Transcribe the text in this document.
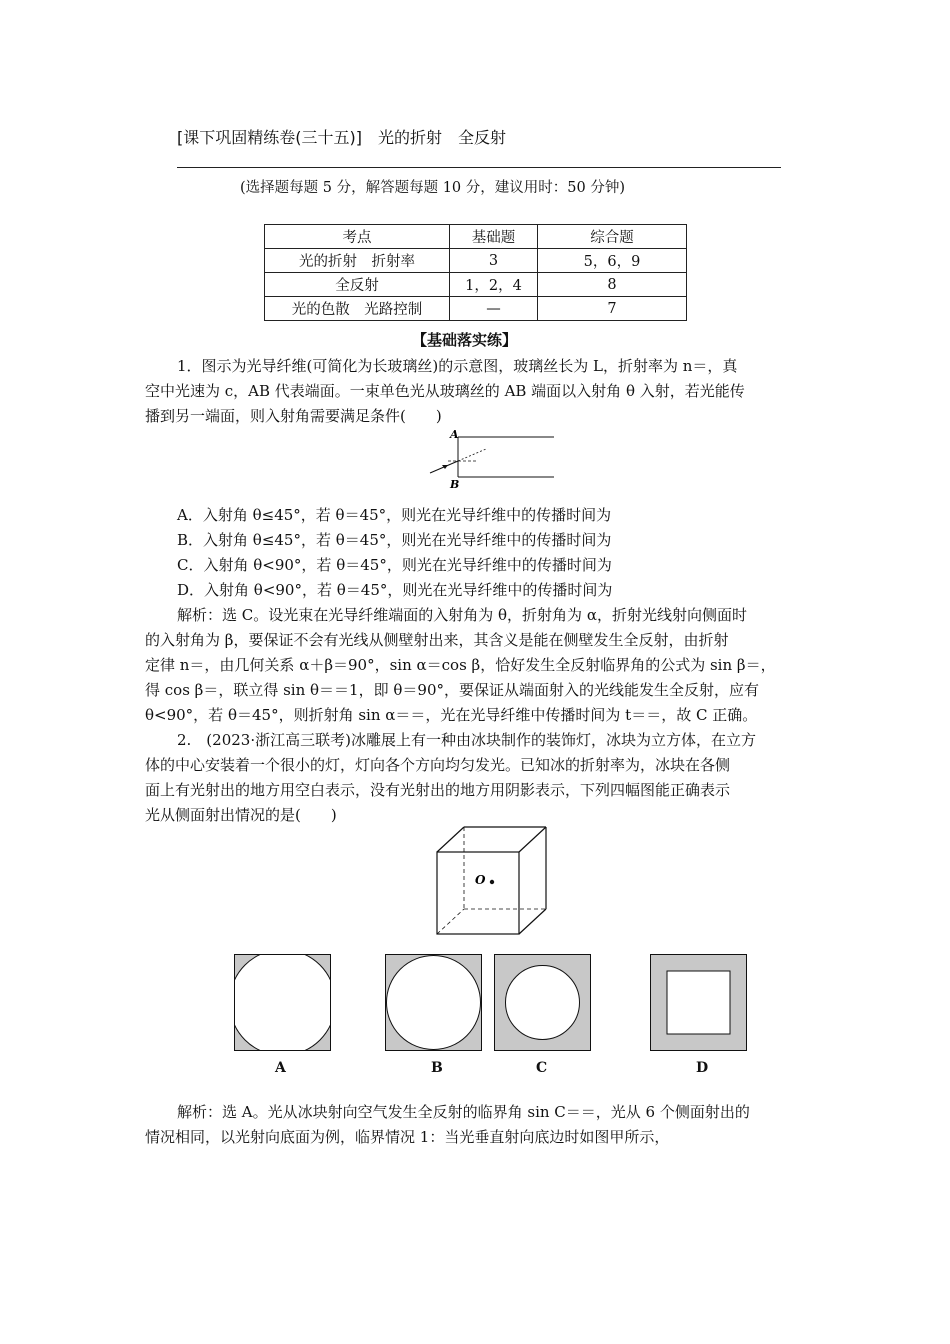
[课下巩固精练卷(三十五)]　光的折射　全反射
(选择题每题 5 分，解答题每题 10 分，建议用时：50 分钟)
考点	基础题	综合题
光的折射　折射率	3	5，6，9
全反射	1，2，4	8
光的色散　光路控制	—	7
【基础落实练】
1．图示为光导纤维(可简化为长玻璃丝)的示意图，玻璃丝长为 L，折射率为 n＝，真
空中光速为 c，AB 代表端面。一束单色光从玻璃丝的 AB 端面以入射角 θ 入射，若光能传
播到另一端面，则入射角需要满足条件(　　)
A
B
A．入射角 θ≤45°，若 θ＝45°，则光在光导纤维中的传播时间为
B．入射角 θ≤45°，若 θ＝45°，则光在光导纤维中的传播时间为
C．入射角 θ<90°，若 θ＝45°，则光在光导纤维中的传播时间为
D．入射角 θ<90°，若 θ＝45°，则光在光导纤维中的传播时间为
解析：选 C。设光束在光导纤维端面的入射角为 θ，折射角为 α，折射光线射向侧面时
的入射角为 β，要保证不会有光线从侧壁射出来，其含义是能在侧壁发生全反射，由折射
定律 n＝，由几何关系 α＋β＝90°，sin α＝cos β，恰好发生全反射临界角的公式为 sin β＝，
得 cos β＝，联立得 sin θ＝＝1，即 θ＝90°，要保证从端面射入的光线能发生全反射，应有
θ<90°，若 θ＝45°，则折射角 sin α＝＝，光在光导纤维中传播时间为 t＝＝，故 C 正确。
2.　(2023·浙江高三联考)冰雕展上有一种由冰块制作的装饰灯，冰块为立方体，在立方
体的中心安装着一个很小的灯，灯向各个方向均匀发光。已知冰的折射率为，冰块在各侧
面上有光射出的地方用空白表示，没有光射出的地方用阴影表示，下列四幅图能正确表示
光从侧面射出情况的是(　　)
O
A	B	C	D
解析：选 A。光从冰块射向空气发生全反射的临界角 sin C＝＝，光从 6 个侧面射出的
情况相同，以光射向底面为例，临界情况 1：当光垂直射向底边时如图甲所示，
